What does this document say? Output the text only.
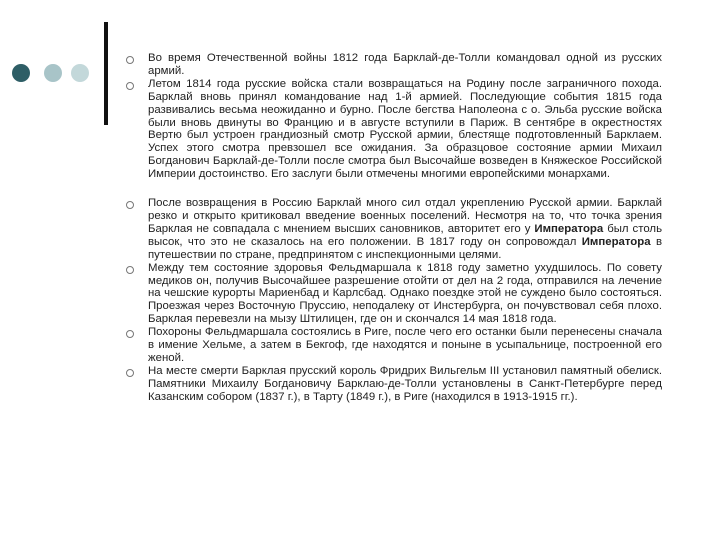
Во время Отечественной войны 1812 года Барклай-де-Толли командовал одной из русских армий.
Летом 1814 года русские войска стали возвращаться на Родину после заграничного похода. Барклай вновь принял командование над 1-й армией. Последующие события 1815 года развивались весьма неожиданно и бурно. После бегства Наполеона с о. Эльба русские войска были вновь двинуты во Францию и в августе вступили в Париж. В сентябре в окрестностях Вертю был устроен грандиозный смотр Русской армии, блестяще подготовленный Барклаем. Успех этого смотра превзошел все ожидания. За образцовое состояние армии Михаил Богданович Барклай-де-Толли после смотра был Высочайше возведен в Княжеское Российской Империи достоинство. Его заслуги были отмечены многими европейскими монархами.
После возвращения в Россию Барклай много сил отдал укреплению Русской армии. Барклай резко и открыто критиковал введение военных поселений. Несмотря на то, что точка зрения Барклая не совпадала с мнением высших сановников, авторитет его у Императора был столь высок, что это не сказалось на его положении. В 1817 году он сопровождал Императора в путешествии по стране, предпринятом с инспекционными целями.
Между тем состояние здоровья Фельдмаршала к 1818 году заметно ухудшилось. По совету медиков он, получив Высочайшее разрешение отойти от дел на 2 года, отправился на лечение на чешские курорты Мариенбад и Карлсбад. Однако поездке этой не суждено было состояться. Проезжая через Восточную Пруссию, неподалеку от Инстербурга, он почувствовал себя плохо. Барклая перевезли на мызу Штилицен, где он и скончался 14 мая 1818 года.
Похороны Фельдмаршала состоялись в Риге, после чего его останки были перенесены сначала в имение Хельме, а затем в Бекгоф, где находятся и поныне в усыпальнице, построенной его женой.
На месте смерти Барклая прусский король Фридрих Вильгельм III установил памятный обелиск. Памятники Михаилу Богдановичу Барклаю-де-Толли установлены в Санкт-Петербурге перед Казанским собором (1837 г.), в Тарту (1849 г.), в Риге (находился в 1913-1915 гг.).
